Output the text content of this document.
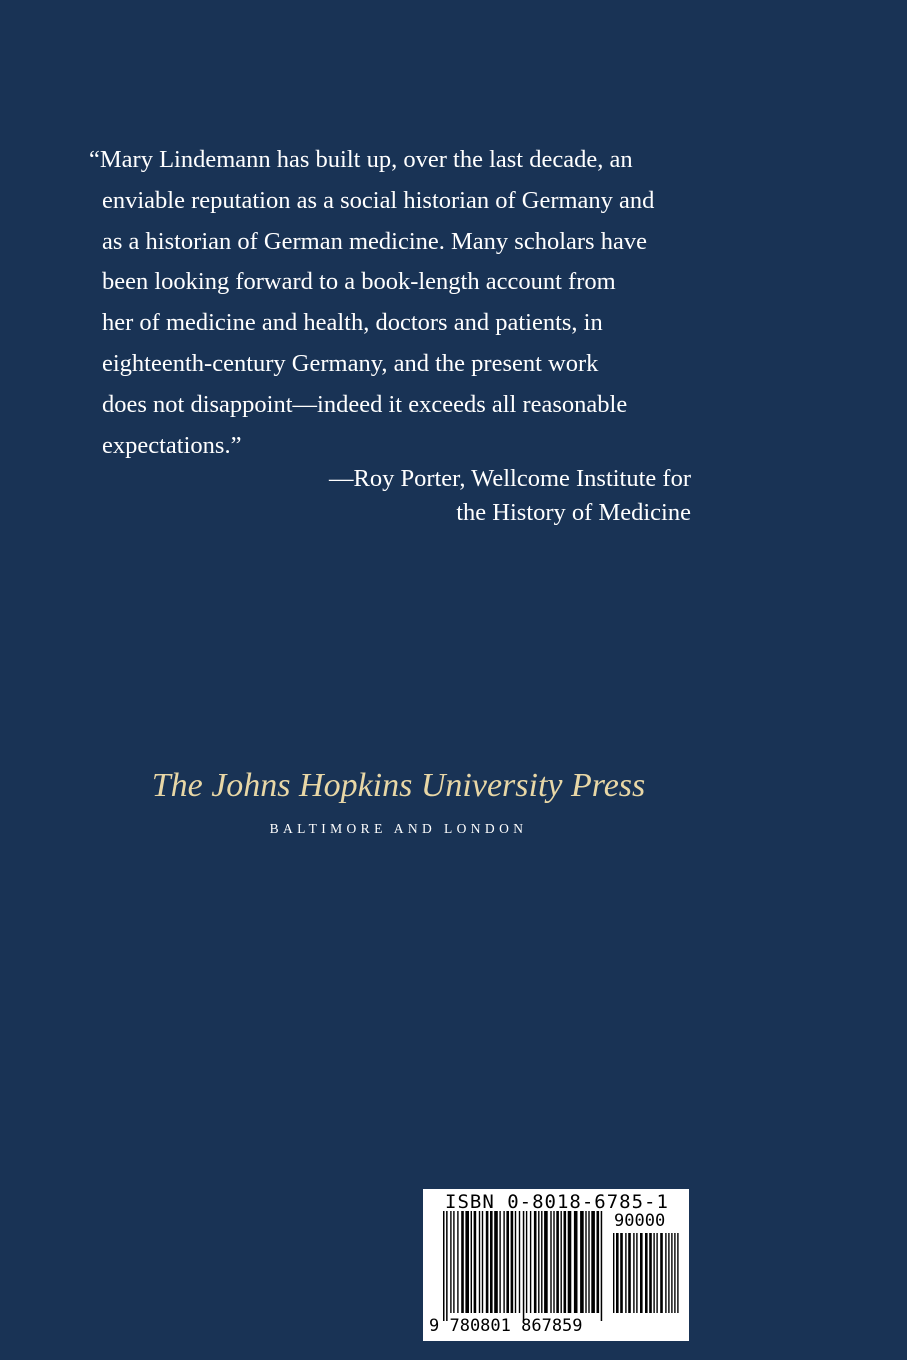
“Mary Lindemann has built up, over the last decade, an
enviable reputation as a social historian of Germany and
as a historian of German medicine. Many scholars have
been looking forward to a book-length account from
her of medicine and health, doctors and patients, in
eighteenth-century Germany, and the present work
does not disappoint—indeed it exceeds all reasonable
expectations.”
—Roy Porter, Wellcome Institute for
the History of Medicine
The Johns Hopkins University Press
BALTIMORE AND LONDON
ISBN 0-8018-6785-1
90000
9 780801 867859
